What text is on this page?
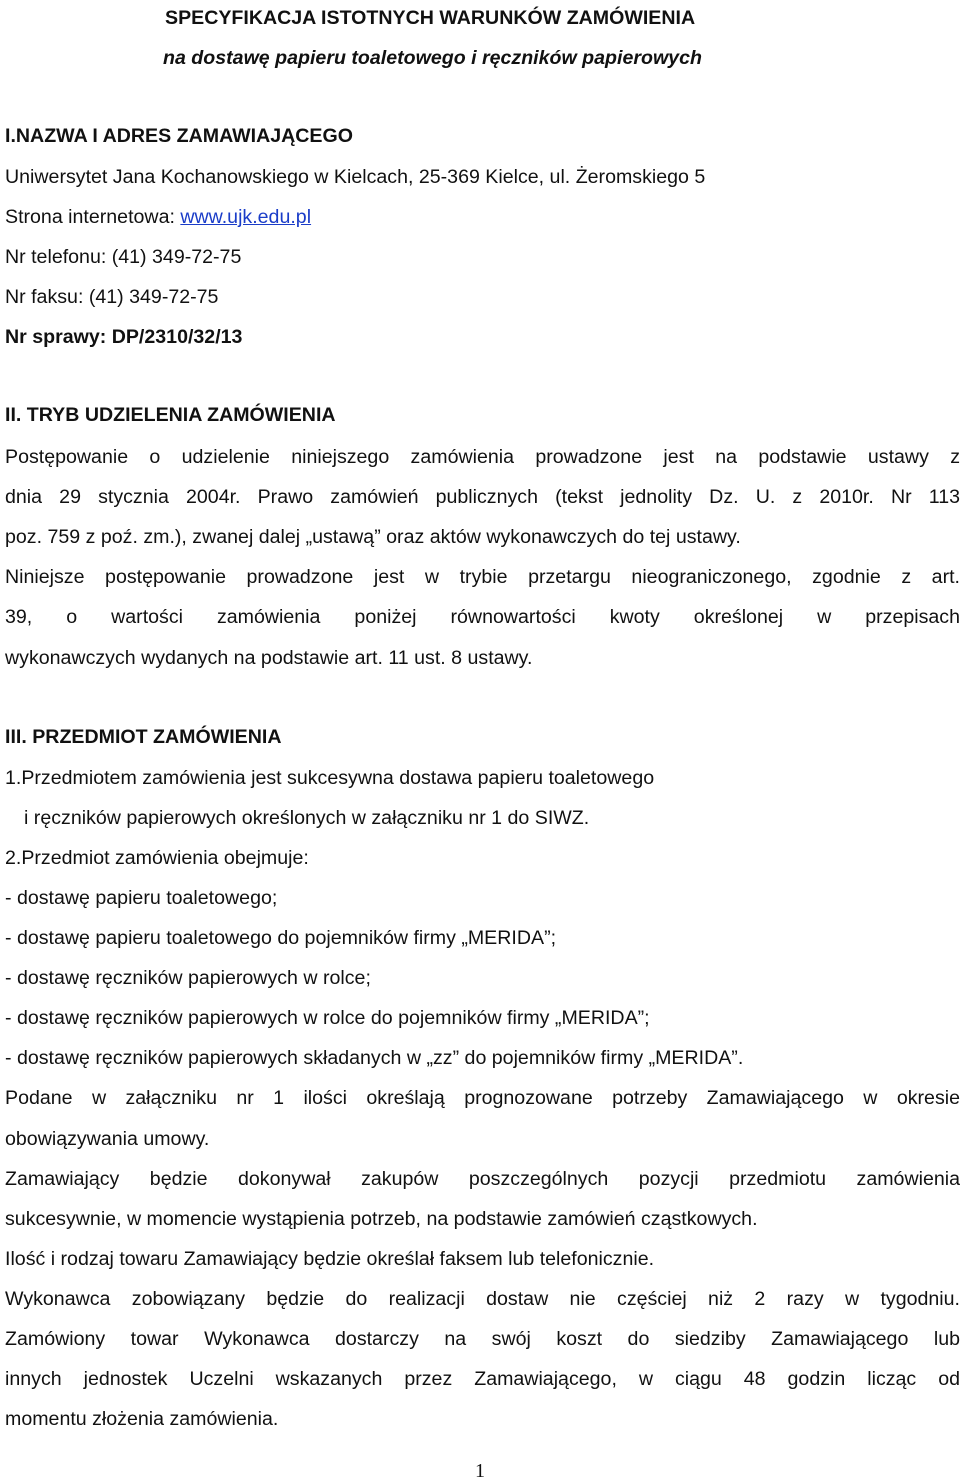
SPECYFIKACJA ISTOTNYCH WARUNKÓW ZAMÓWIENIA
na dostawę papieru toaletowego i ręczników papierowych
I.NAZWA I ADRES ZAMAWIAJĄCEGO
Uniwersytet Jana Kochanowskiego w Kielcach, 25-369 Kielce, ul. Żeromskiego 5
Strona internetowa: www.ujk.edu.pl
Nr telefonu: (41) 349-72-75
Nr faksu: (41) 349-72-75
Nr sprawy: DP/2310/32/13
II. TRYB UDZIELENIA ZAMÓWIENIA
Postępowanie o udzielenie niniejszego zamówienia prowadzone jest na podstawie ustawy z
dnia 29 stycznia 2004r. Prawo zamówień publicznych (tekst jednolity Dz. U. z 2010r. Nr 113
poz. 759 z poź. zm.), zwanej dalej „ustawą” oraz aktów wykonawczych do tej ustawy.
Niniejsze postępowanie prowadzone jest w trybie przetargu nieograniczonego, zgodnie z art.
39, o wartości zamówienia poniżej równowartości kwoty określonej w przepisach
wykonawczych wydanych na podstawie art. 11 ust. 8 ustawy.
III. PRZEDMIOT ZAMÓWIENIA
1.Przedmiotem zamówienia jest sukcesywna dostawa papieru toaletowego
i ręczników papierowych określonych w załączniku nr 1 do SIWZ.
2.Przedmiot zamówienia obejmuje:
- dostawę papieru toaletowego;
- dostawę papieru toaletowego do pojemników firmy „MERIDA”;
- dostawę ręczników papierowych w rolce;
- dostawę ręczników papierowych w rolce do pojemników firmy „MERIDA”;
- dostawę ręczników papierowych składanych w „zz” do pojemników firmy „MERIDA”.
Podane w załączniku nr 1 ilości określają prognozowane potrzeby Zamawiającego w okresie
obowiązywania umowy.
Zamawiający będzie dokonywał zakupów poszczególnych pozycji przedmiotu zamówienia
sukcesywnie, w momencie wystąpienia potrzeb, na podstawie zamówień cząstkowych.
Ilość i rodzaj towaru Zamawiający będzie określał faksem lub telefonicznie.
Wykonawca zobowiązany będzie do realizacji dostaw nie częściej niż 2 razy w tygodniu.
Zamówiony towar Wykonawca dostarczy na swój koszt do siedziby Zamawiającego lub
innych jednostek Uczelni wskazanych przez Zamawiającego, w ciągu 48 godzin licząc od
momentu złożenia zamówienia.
1
